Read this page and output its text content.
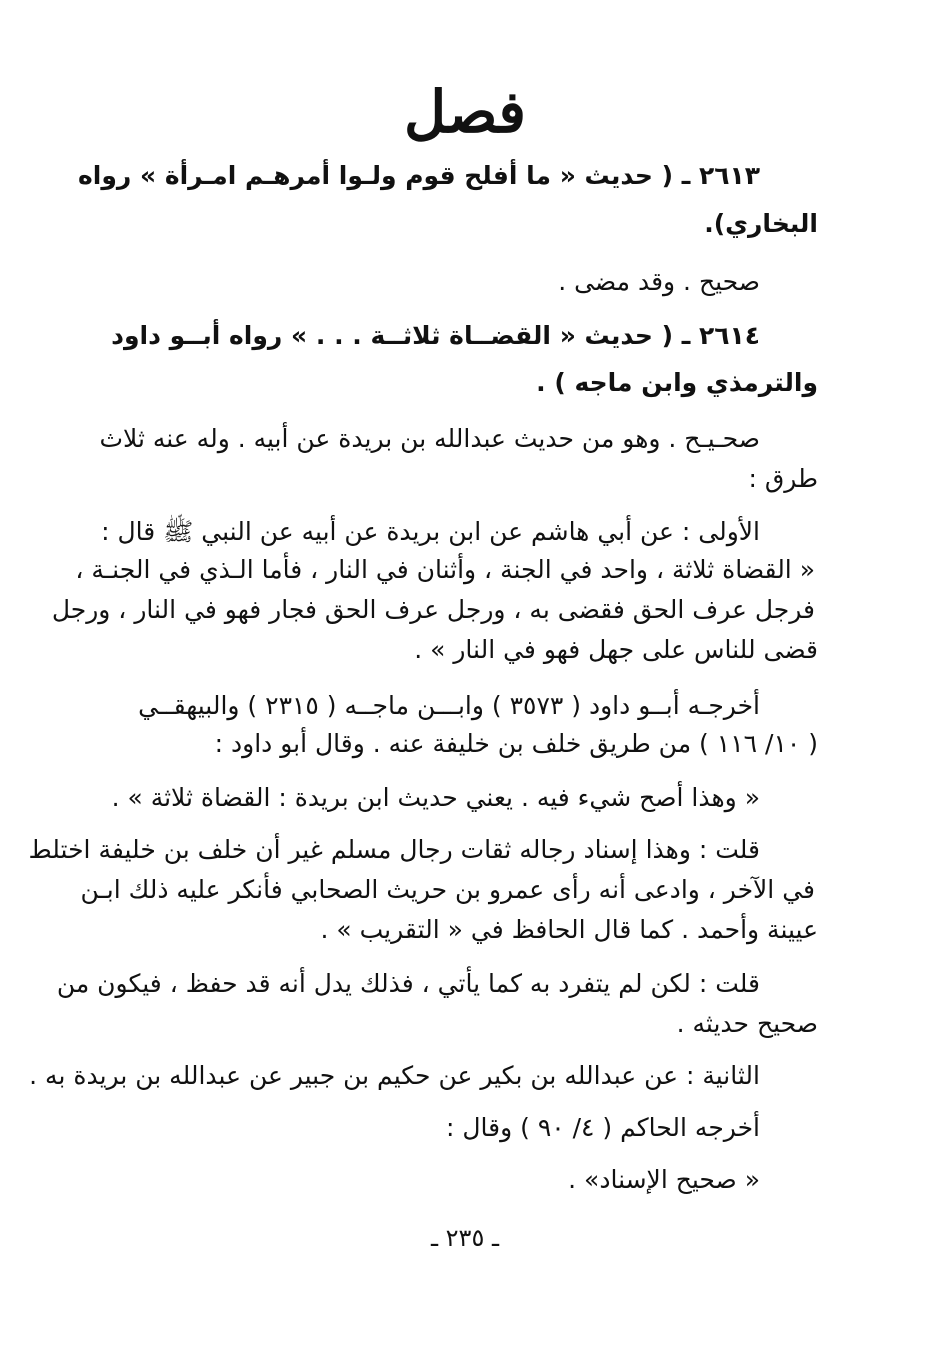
فصل
٢٦١٣ ـ ( حديث « ما أفلح قوم ولـوا أمرهـم امـرأة » رواه
البخاري).
صحيح . وقد مضى .
٢٦١٤ ـ ( حديث « القضــاة ثلاثــة . . . » رواه أبــو داود
والترمذي وابن ماجه ) .
صحـيـح . وهو من حديث عبدالله بن بريدة عن أبيه . وله عنه ثلاث
طرق :
الأولى : عن أبي هاشم عن ابن بريدة عن أبيه عن النبي ﷺ قال :
« القضاة ثلاثة ، واحد في الجنة ، وأثنان في النار ، فأما الـذي في الجنـة ،
فرجل عرف الحق فقضى به ، ورجل عرف الحق فجار فهو في النار ، ورجل
قضى للناس على جهل فهو في النار » .
أخرجـه أبــو داود ( ٣٥٧٣ ) وابـــن ماجــه ( ٢٣١٥ ) والبيهقــي
( ١٠/ ١١٦ ) من طريق خلف بن خليفة عنه . وقال أبو داود :
« وهذا أصح شيء فيه . يعني حديث ابن بريدة : القضاة ثلاثة » .
قلت : وهذا إسناد رجاله ثقات رجال مسلم غير أن خلف بن خليفة اختلط
في الآخر ، وادعى أنه رأى عمرو بن حريث الصحابي فأنكر عليه ذلك ابـن
عيينة وأحمد . كما قال الحافظ في « التقريب » .
قلت : لكن لم يتفرد به كما يأتي ، فذلك يدل أنه قد حفظ ، فيكون من
صحيح حديثه .
الثانية : عن عبدالله بن بكير عن حكيم بن جبير عن عبدالله بن بريدة به .
أخرجه الحاكم ( ٤/ ٩٠ ) وقال :
« صحيح الإسناد» .
ـ ٢٣٥ ـ
